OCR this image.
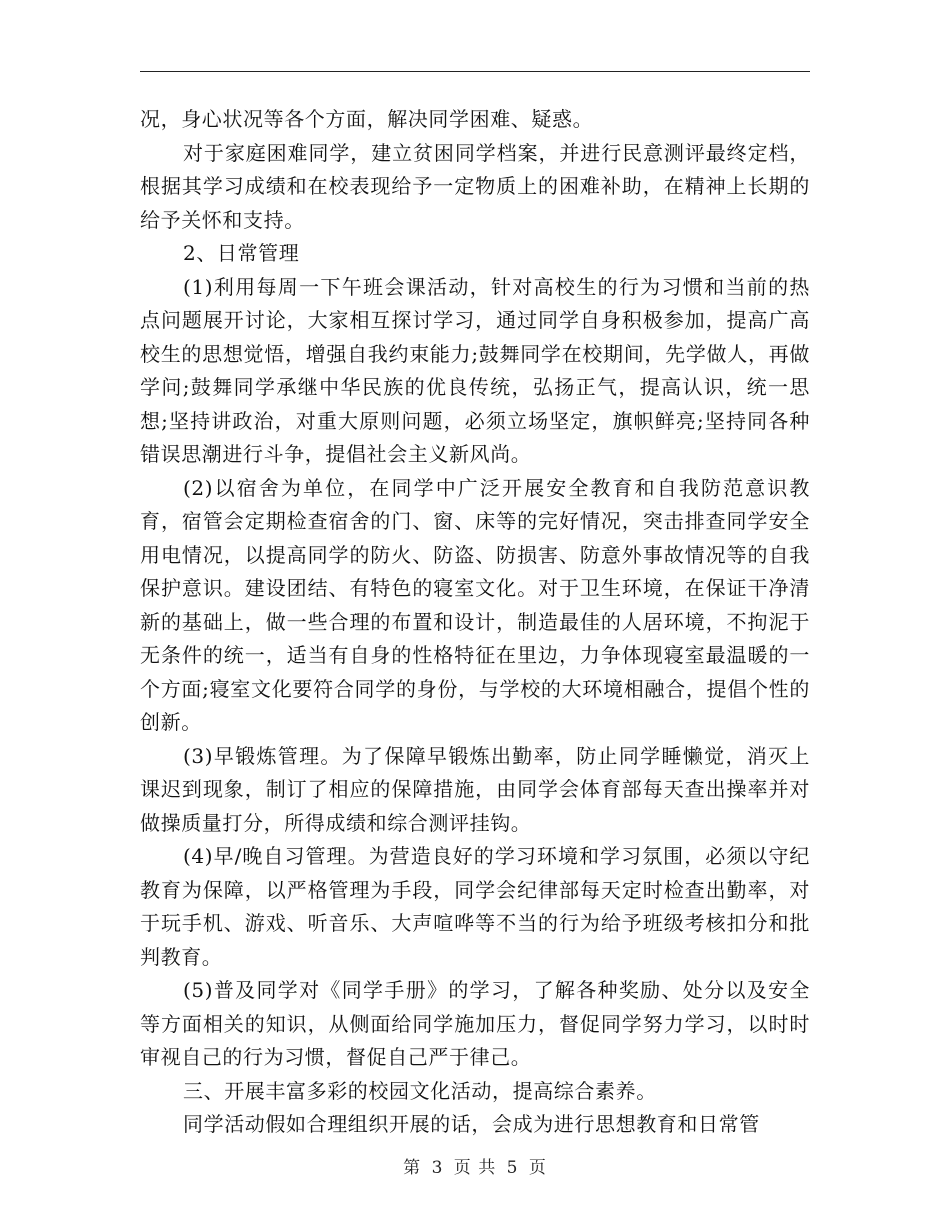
况，身心状况等各个方面，解决同学困难、疑惑。

对于家庭困难同学，建立贫困同学档案，并进行民意测评最终定档，根据其学习成绩和在校表现给予一定物质上的困难补助，在精神上长期的给予关怀和支持。

2、日常管理

(1)利用每周一下午班会课活动，针对高校生的行为习惯和当前的热点问题展开讨论，大家相互探讨学习，通过同学自身积极参加，提高广高校生的思想觉悟，增强自我约束能力;鼓舞同学在校期间，先学做人，再做学问;鼓舞同学承继中华民族的优良传统，弘扬正气，提高认识，统一思想;坚持讲政治，对重大原则问题，必须立场坚定，旗帜鲜亮;坚持同各种错误思潮进行斗争，提倡社会主义新风尚。

(2)以宿舍为单位，在同学中广泛开展安全教育和自我防范意识教育，宿管会定期检查宿舍的门、窗、床等的完好情况，突击排查同学安全用电情况，以提高同学的防火、防盗、防损害、防意外事故情况等的自我保护意识。建设团结、有特色的寝室文化。对于卫生环境，在保证干净清新的基础上，做一些合理的布置和设计，制造最佳的人居环境，不拘泥于无条件的统一，适当有自身的性格特征在里边，力争体现寝室最温暖的一个方面;寝室文化要符合同学的身份，与学校的大环境相融合，提倡个性的创新。

(3)早锻炼管理。为了保障早锻炼出勤率，防止同学睡懒觉，消灭上课迟到现象，制订了相应的保障措施，由同学会体育部每天查出操率并对做操质量打分，所得成绩和综合测评挂钩。

(4)早/晚自习管理。为营造良好的学习环境和学习氛围，必须以守纪教育为保障，以严格管理为手段，同学会纪律部每天定时检查出勤率，对于玩手机、游戏、听音乐、大声喧哗等不当的行为给予班级考核扣分和批判教育。

(5)普及同学对《同学手册》的学习，了解各种奖励、处分以及安全等方面相关的知识，从侧面给同学施加压力，督促同学努力学习，以时时审视自己的行为习惯，督促自己严于律己。

三、开展丰富多彩的校园文化活动，提高综合素养。

同学活动假如合理组织开展的话，会成为进行思想教育和日常管

第 3 页 共 5 页
